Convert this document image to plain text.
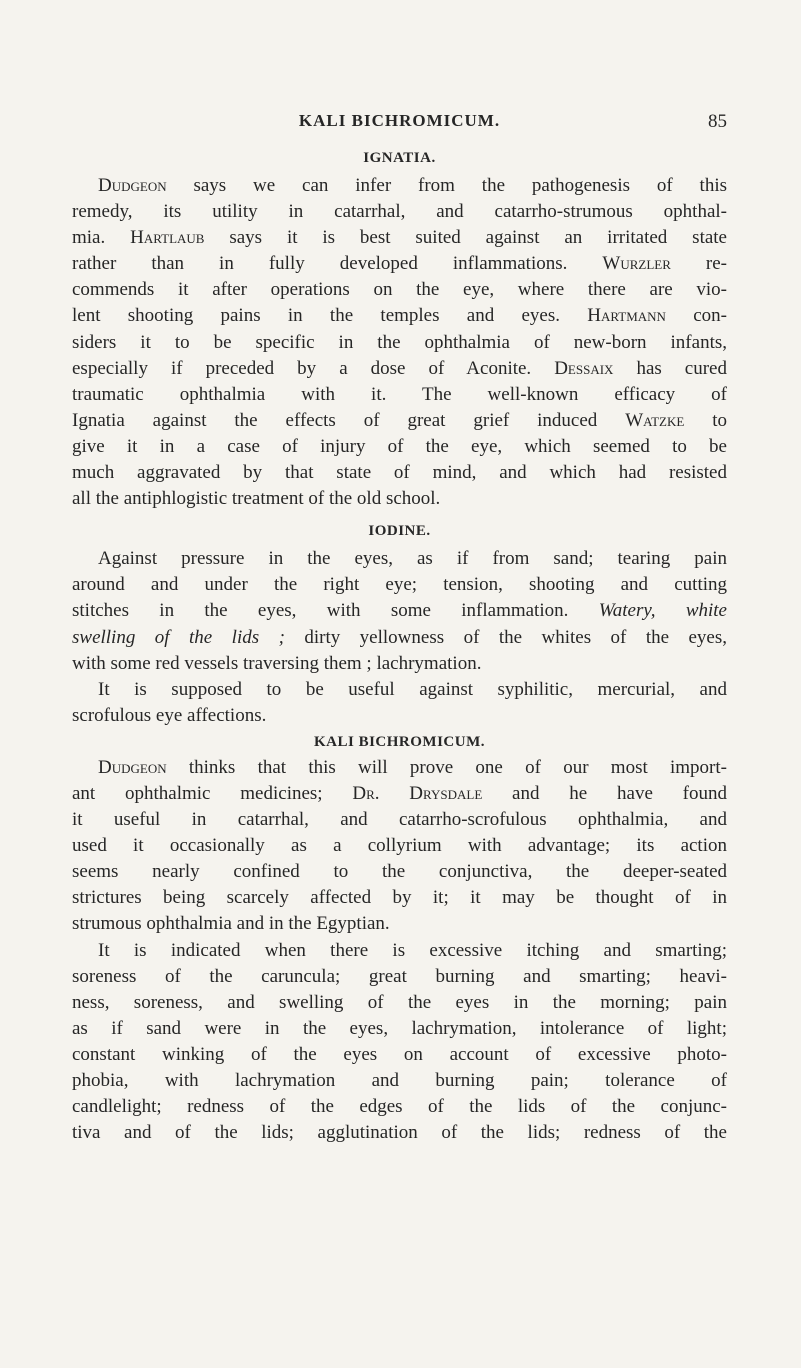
KALI BICHROMICUM.	85
IGNATIA.
Dudgeon says we can infer from the pathogenesis of this
remedy, its utility in catarrhal, and catarrho-strumous ophthal-
mia. Hartlaub says it is best suited against an irritated state
rather than in fully developed inflammations. Wurzler re-
commends it after operations on the eye, where there are vio-
lent shooting pains in the temples and eyes. Hartmann con-
siders it to be specific in the ophthalmia of new-born infants,
especially if preceded by a dose of Aconite. Dessaix has cured
traumatic ophthalmia with it. The well-known efficacy of
Ignatia against the effects of great grief induced Watzke to
give it in a case of injury of the eye, which seemed to be
much aggravated by that state of mind, and which had resisted
all the antiphlogistic treatment of the old school.
IODINE.
Against pressure in the eyes, as if from sand; tearing pain
around and under the right eye; tension, shooting and cutting
stitches in the eyes, with some inflammation. Watery, white
swelling of the lids ; dirty yellowness of the whites of the eyes,
with some red vessels traversing them ; lachrymation.
It is supposed to be useful against syphilitic, mercurial, and
scrofulous eye affections.
KALI BICHROMICUM.
Dudgeon thinks that this will prove one of our most import-
ant ophthalmic medicines; Dr. Drysdale and he have found
it useful in catarrhal, and catarrho-scrofulous ophthalmia, and
used it occasionally as a collyrium with advantage; its action
seems nearly confined to the conjunctiva, the deeper-seated
strictures being scarcely affected by it; it may be thought of in
strumous ophthalmia and in the Egyptian.
It is indicated when there is excessive itching and smarting;
soreness of the caruncula; great burning and smarting; heavi-
ness, soreness, and swelling of the eyes in the morning; pain
as if sand were in the eyes, lachrymation, intolerance of light;
constant winking of the eyes on account of excessive photo-
phobia, with lachrymation and burning pain; tolerance of
candlelight; redness of the edges of the lids of the conjunc-
tiva and of the lids; agglutination of the lids; redness of the
